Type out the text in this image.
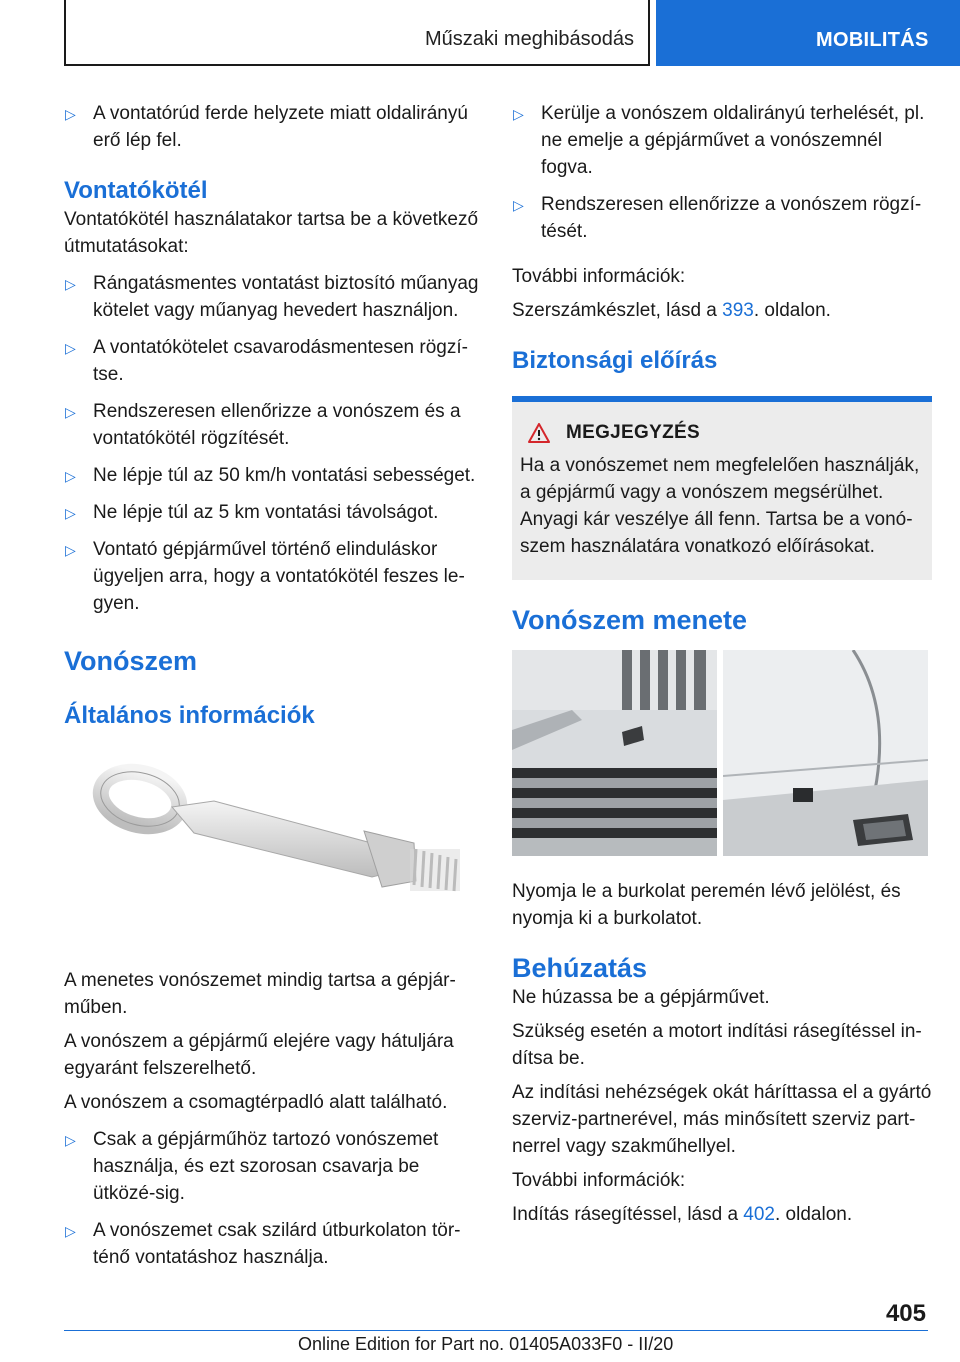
Műszaki meghibásodás	MOBILITÁS
▷ A vontatórúd ferde helyzete miatt oldalirányú erő lép fel.
Vontatókötél

Vontatókötél használatakor tartsa be a következő útmutatásokat:

▷ Rángatásmentes vontatást biztosító műanyag kötelet vagy műanyag hevedert használjon.
▷ A vontatókötelet csavarodásmentesen rögzí-tse.
▷ Rendszeresen ellenőrizze a vonószem és a vontatókötél rögzítését.
▷ Ne lépje túl az 50 km/h vontatási sebességet.
▷ Ne lépje túl az 5 km vontatási távolságot.
▷ Vontató gépjárművel történő elinduláskor ügyeljen arra, hogy a vontatókötél feszes le-gyen.
Vonószem
Általános információk

A menetes vonószemet mindig tartsa a gépjár-műben.

A vonószem a gépjármű elejére vagy hátuljára egyaránt felszerelhető.

A vonószem a csomagtérpadló alatt található.

▷ Csak a gépjárműhöz tartozó vonószemet használja, és ezt szorosan csavarja be ütközé-sig.
▷ A vonószemet csak szilárd útburkolaton tör-ténő vontatáshoz használja.
▷ Kerülje a vonószem oldalirányú terhelését, pl. ne emelje a gépjárművet a vonószemnél fogva.
▷ Rendszeresen ellenőrizze a vonószem rögzí-tését.

További információk:

Szerszámkészlet, lásd a 393. oldalon.

Biztonsági előírás
MEGJEGYZÉS

Ha a vonószemet nem megfelelően használják, a gépjármű vagy a vonószem megsérülhet. Anyagi kár veszélye áll fenn. Tartsa be a vonó-szem használatára vonatkozó előírásokat.

Vonószem menete

Nyomja le a burkolat peremén lévő jelölést, és nyomja ki a burkolatot.

Behúzatás

Ne húzassa be a gépjárművet.

Szükség esetén a motort indítási rásegítéssel in-dítsa be.

Az indítási nehézségek okát háríttassa el a gyártó szerviz-partnerével, más minősített szerviz part-nerrel vagy szakműhellyel.

További információk:

Indítás rásegítéssel, lásd a 402. oldalon.

405
Online Edition for Part no. 01405A033F0 - II/20
